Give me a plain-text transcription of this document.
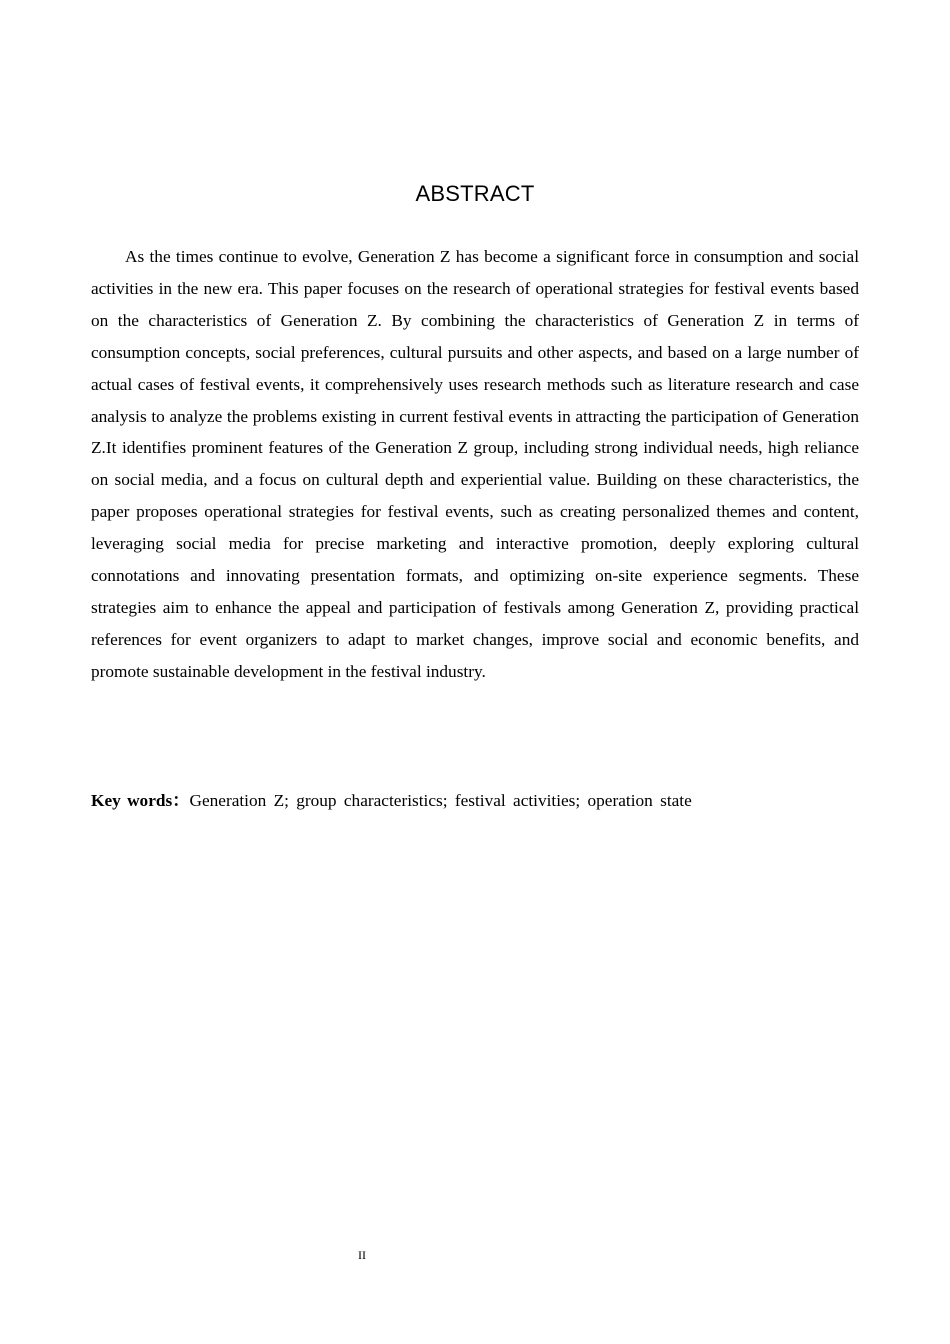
ABSTRACT

As the times continue to evolve, Generation Z has become a significant force in consumption and social activities in the new era. This paper focuses on the research of operational strategies for festival events based on the characteristics of Generation Z. By combining the characteristics of Generation Z in terms of consumption concepts, social preferences, cultural pursuits and other aspects, and based on a large number of actual cases of festival events, it comprehensively uses research methods such as literature research and case analysis to analyze the problems existing in current festival events in attracting the participation of Generation Z.It identifies prominent features of the Generation Z group, including strong individual needs, high reliance on social media, and a focus on cultural depth and experiential value. Building on these characteristics, the paper proposes operational strategies for festival events, such as creating personalized themes and content, leveraging social media for precise marketing and interactive promotion, deeply exploring cultural connotations and innovating presentation formats, and optimizing on-site experience segments. These strategies aim to enhance the appeal and participation of festivals among Generation Z, providing practical references for event organizers to adapt to market changes, improve social and economic benefits, and promote sustainable development in the festival industry.

Key words：Generation Z; group characteristics; festival activities; operation state

II
